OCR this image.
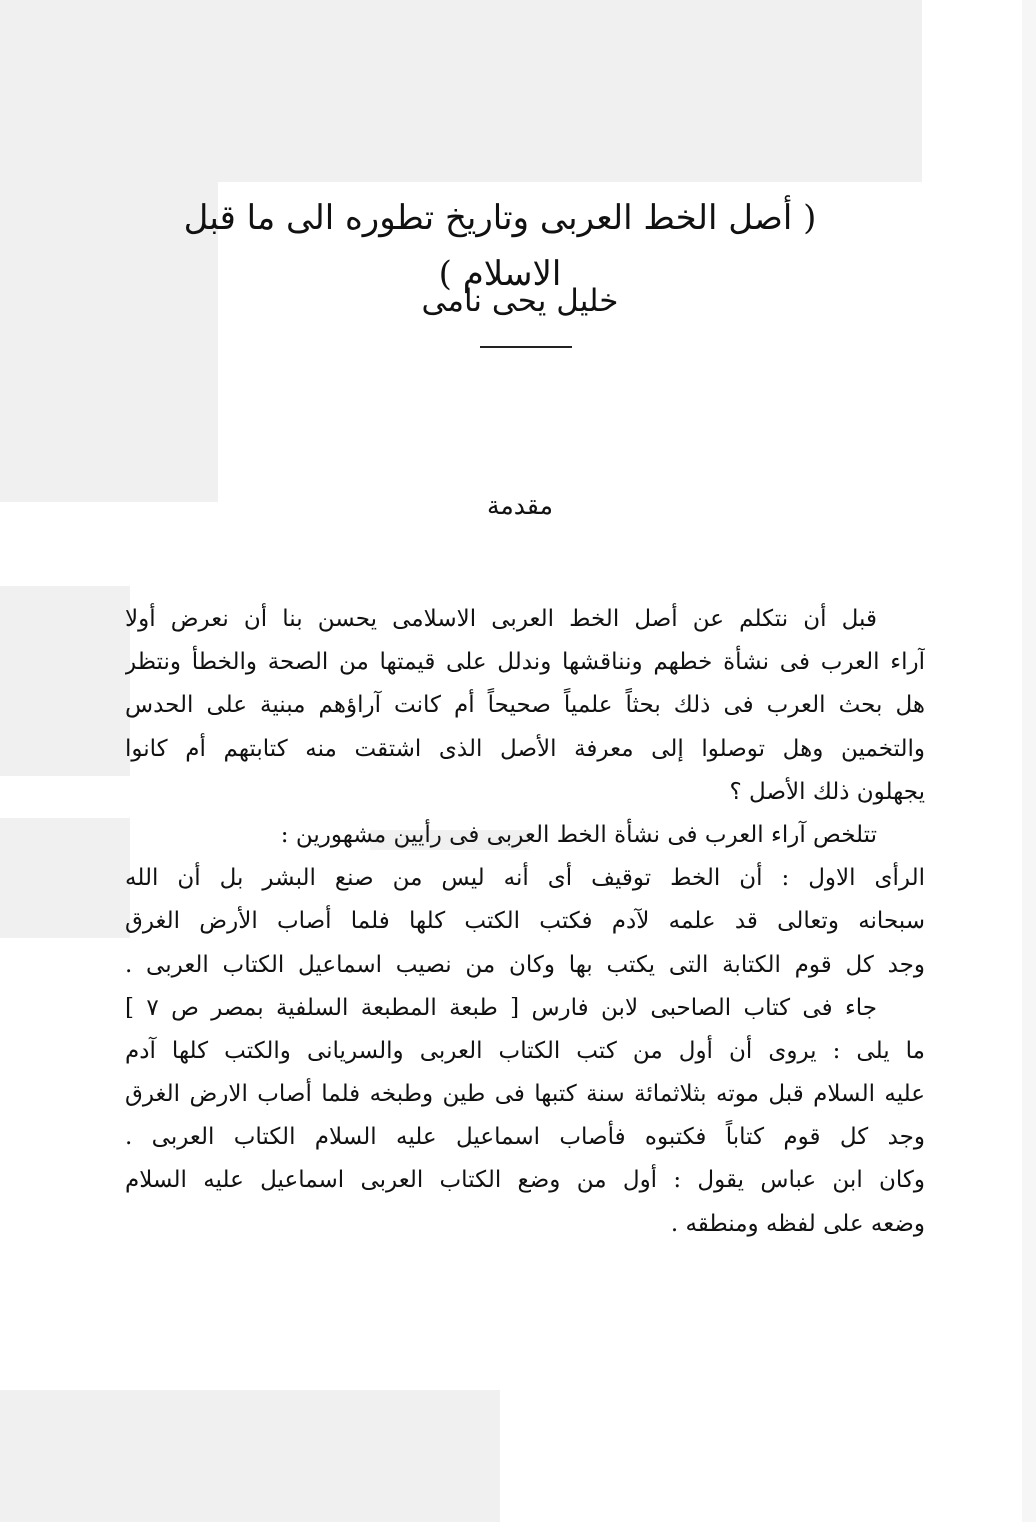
( أصل الخط العربى وتاريخ تطوره الى ما قبل الاسلام )
خليل يحى نامى
مقدمة
قبل أن نتكلم عن أصل الخط العربى الاسلامى يحسن بنا أن نعرض أولا
آراء العرب فى نشأة خطهم ونناقشها وندلل على قيمتها من الصحة والخطأ ونتظر
هل بحث العرب فى ذلك بحثاً علمياً صحيحاً أم كانت آراؤهم مبنية على الحدس
والتخمين وهل توصلوا إلى معرفة الأصل الذى اشتقت منه كتابتهم أم كانوا
يجهلون ذلك الأصل ؟
تتلخص آراء العرب فى نشأة الخط العربى فى رأيين مشهورين :
الرأى الاول : أن الخط توقيف أى أنه ليس من صنع البشر بل أن الله
سبحانه وتعالى قد علمه لآدم فكتب الكتب كلها فلما أصاب الأرض الغرق
وجد كل قوم الكتابة التى يكتب بها وكان من نصيب اسماعيل الكتاب العربى .
جاء فى كتاب الصاحبى لابن فارس [ طبعة المطبعة السلفية بمصر ص ٧ ]
ما يلى : يروى أن أول من كتب الكتاب العربى والسريانى والكتب كلها آدم
عليه السلام قبل موته بثلاثمائة سنة كتبها فى طين وطبخه فلما أصاب الارض الغرق
وجد كل قوم كتاباً فكتبوه فأصاب اسماعيل عليه السلام الكتاب العربى .
وكان ابن عباس يقول : أول من وضع الكتاب العربى اسماعيل عليه السلام
وضعه على لفظه ومنطقه .
